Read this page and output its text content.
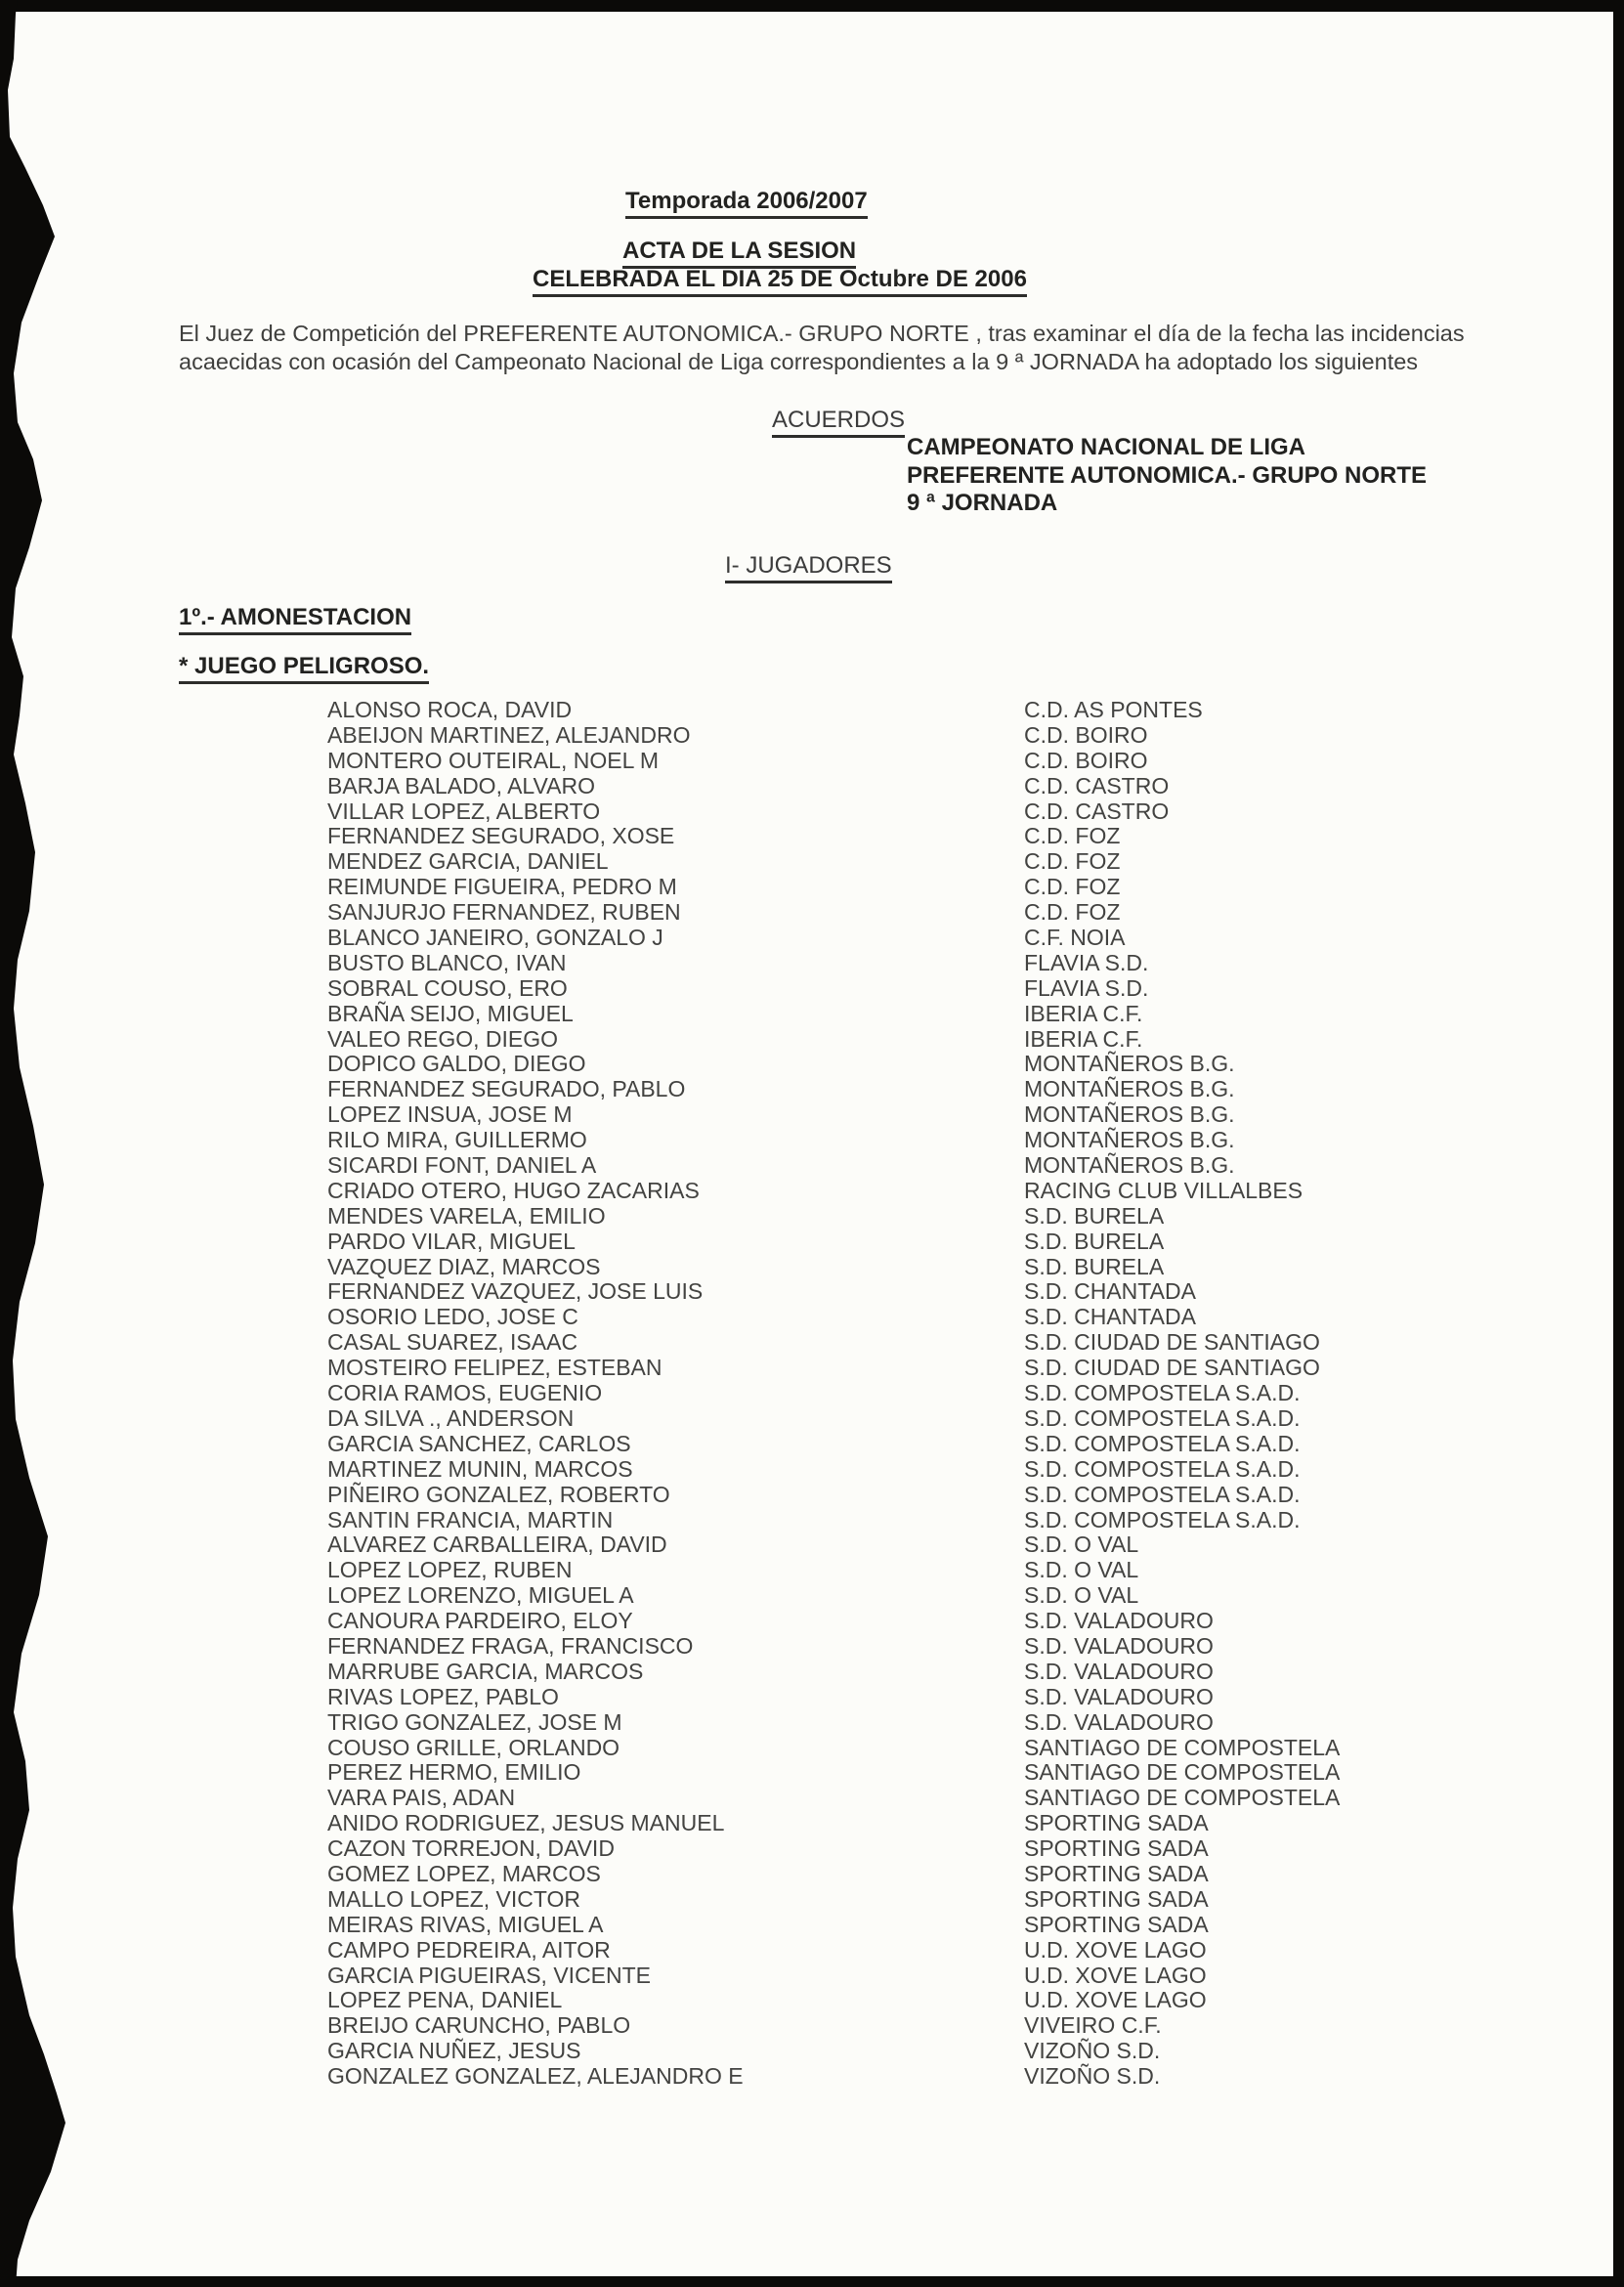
Temporada 2006/2007
ACTA DE LA SESION
CELEBRADA EL DIA 25 DE Octubre DE 2006
El Juez de Competición del PREFERENTE AUTONOMICA.- GRUPO NORTE , tras examinar el día de la fecha las incidencias
acaecidas con ocasión del Campeonato Nacional de Liga correspondientes a la 9 ª JORNADA ha adoptado los siguientes
ACUERDOS
CAMPEONATO NACIONAL DE LIGA
PREFERENTE AUTONOMICA.- GRUPO NORTE
9 ª JORNADA
I- JUGADORES
1º.- AMONESTACION
* JUEGO PELIGROSO.
ALONSO ROCA, DAVID	C.D. AS PONTES
ABEIJON MARTINEZ, ALEJANDRO	C.D. BOIRO
MONTERO OUTEIRAL, NOEL M	C.D. BOIRO
BARJA BALADO, ALVARO	C.D. CASTRO
VILLAR LOPEZ, ALBERTO	C.D. CASTRO
FERNANDEZ SEGURADO, XOSE	C.D. FOZ
MENDEZ GARCIA, DANIEL	C.D. FOZ
REIMUNDE FIGUEIRA, PEDRO M	C.D. FOZ
SANJURJO FERNANDEZ, RUBEN	C.D. FOZ
BLANCO JANEIRO, GONZALO J	C.F. NOIA
BUSTO BLANCO, IVAN	FLAVIA S.D.
SOBRAL COUSO, ERO	FLAVIA S.D.
BRAÑA SEIJO, MIGUEL	IBERIA C.F.
VALEO REGO, DIEGO	IBERIA C.F.
DOPICO GALDO, DIEGO	MONTAÑEROS B.G.
FERNANDEZ SEGURADO, PABLO	MONTAÑEROS B.G.
LOPEZ INSUA, JOSE M	MONTAÑEROS B.G.
RILO MIRA, GUILLERMO	MONTAÑEROS B.G.
SICARDI FONT, DANIEL A	MONTAÑEROS B.G.
CRIADO OTERO, HUGO ZACARIAS	RACING CLUB VILLALBES
MENDES VARELA, EMILIO	S.D. BURELA
PARDO VILAR, MIGUEL	S.D. BURELA
VAZQUEZ DIAZ, MARCOS	S.D. BURELA
FERNANDEZ VAZQUEZ, JOSE LUIS	S.D. CHANTADA
OSORIO LEDO, JOSE C	S.D. CHANTADA
CASAL SUAREZ, ISAAC	S.D. CIUDAD DE SANTIAGO
MOSTEIRO FELIPEZ, ESTEBAN	S.D. CIUDAD DE SANTIAGO
CORIA RAMOS, EUGENIO	S.D. COMPOSTELA S.A.D.
DA SILVA ., ANDERSON	S.D. COMPOSTELA S.A.D.
GARCIA SANCHEZ, CARLOS	S.D. COMPOSTELA S.A.D.
MARTINEZ MUNIN, MARCOS	S.D. COMPOSTELA S.A.D.
PIÑEIRO GONZALEZ, ROBERTO	S.D. COMPOSTELA S.A.D.
SANTIN FRANCIA, MARTIN	S.D. COMPOSTELA S.A.D.
ALVAREZ CARBALLEIRA, DAVID	S.D. O VAL
LOPEZ LOPEZ, RUBEN	S.D. O VAL
LOPEZ LORENZO, MIGUEL A	S.D. O VAL
CANOURA PARDEIRO, ELOY	S.D. VALADOURO
FERNANDEZ FRAGA, FRANCISCO	S.D. VALADOURO
MARRUBE GARCIA, MARCOS	S.D. VALADOURO
RIVAS LOPEZ, PABLO	S.D. VALADOURO
TRIGO GONZALEZ, JOSE M	S.D. VALADOURO
COUSO GRILLE, ORLANDO	SANTIAGO DE COMPOSTELA
PEREZ HERMO, EMILIO	SANTIAGO DE COMPOSTELA
VARA PAIS, ADAN	SANTIAGO DE COMPOSTELA
ANIDO RODRIGUEZ, JESUS MANUEL	SPORTING SADA
CAZON TORREJON, DAVID	SPORTING SADA
GOMEZ LOPEZ, MARCOS	SPORTING SADA
MALLO LOPEZ, VICTOR	SPORTING SADA
MEIRAS RIVAS, MIGUEL A	SPORTING SADA
CAMPO PEDREIRA, AITOR	U.D. XOVE LAGO
GARCIA PIGUEIRAS, VICENTE	U.D. XOVE LAGO
LOPEZ PENA, DANIEL	U.D. XOVE LAGO
BREIJO CARUNCHO, PABLO	VIVEIRO C.F.
GARCIA NUÑEZ, JESUS	VIZOÑO S.D.
GONZALEZ GONZALEZ, ALEJANDRO E	VIZOÑO S.D.
